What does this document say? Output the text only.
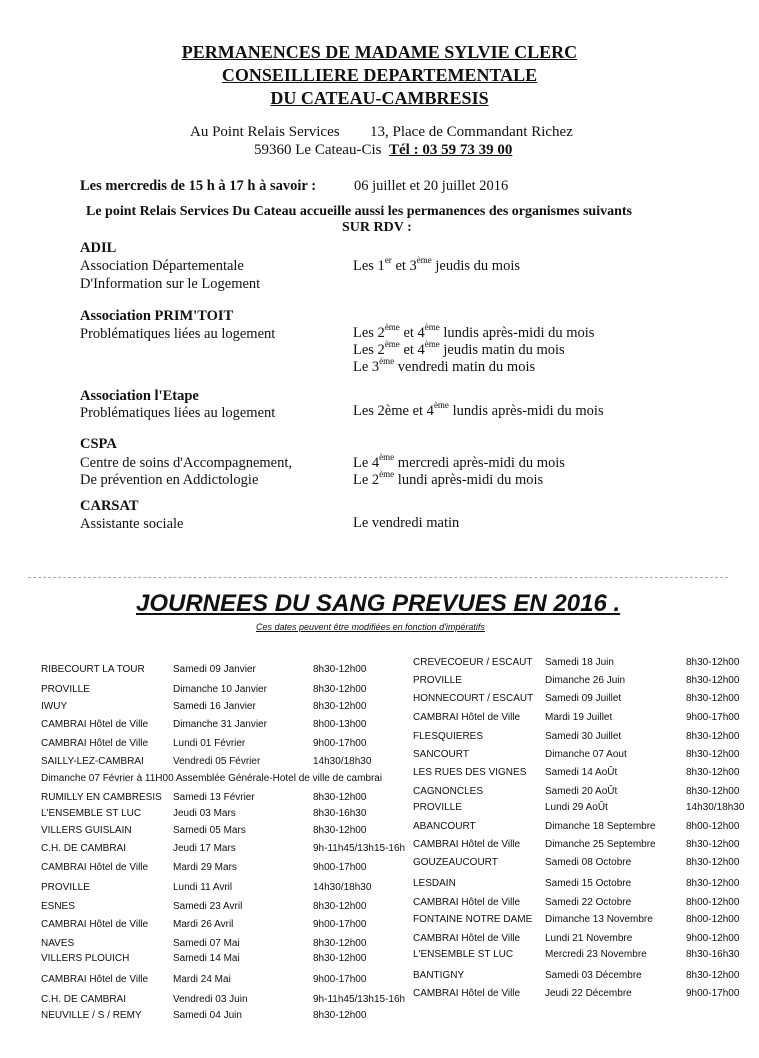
PERMANENCES DE MADAME SYLVIE CLERC
CONSEILLIERE DEPARTEMENTALE
DU CATEAU-CAMBRESIS
Au Point Relais Services 13, Place de Commandant Richez
59360 Le Cateau-Cis Tél : 03 59 73 39 00
Les mercredis de 15 h à 17 h à savoir :	06 juillet et 20 juillet 2016
Le point Relais Services Du Cateau accueille aussi les permanences des organismes suivants
SUR RDV :
ADIL
Association Départementale
D'Information sur le Logement
Les 1er et 3ème jeudis du mois
Association PRIM'TOIT
Problématiques liées au logement	Les 2ème et 4ème lundis après-midi du mois
Les 2ème et 4ème jeudis matin du mois
Le 3ème vendredi matin du mois
Association l'Etape
Problématiques liées au logement	Les 2ème et 4ème lundis après-midi du mois
CSPA
Centre de soins d'Accompagnement,
De prévention en Addictologie
Le 4ème mercredi après-midi du mois
Le 2ème lundi après-midi du mois
CARSAT
Assistante sociale	Le vendredi matin
JOURNEES DU SANG PREVUES EN 2016 .
Ces dates peuvent être modifiées en fonction d'impératifs
RIBECOURT LA TOUR	Samedi 09 Janvier	8h30-12h00
PROVILLE	Dimanche 10 Janvier	8h30-12h00
IWUY	Samedi 16 Janvier	8h30-12h00
CAMBRAI Hôtel de Ville Dimanche 31 Janvier	8h00-13h00
CAMBRAI Hôtel de Ville Lundi 01 Février	9h00-17h00
SAILLY-LEZ-CAMBRAI	Vendredi 05 Février	14h30/18h30
Dimanche 07 Février à 11H00 Assemblée Générale-Hotel de ville de cambrai
RUMILLY EN CAMBRESIS Samedi 13 Février	8h30-12h00
L'ENSEMBLE ST LUC	Jeudi 03 Mars	8h30-16h30
VILLERS GUISLAIN	Samedi 05 Mars	8h30-12h00
C.H. DE CAMBRAI	Jeudi 17 Mars	9h-11h45/13h15-16h
CAMBRAI Hôtel de Ville Mardi 29 Mars	9h00-17h00
PROVILLE	Lundi 11 Avril	14h30/18h30
ESNES	Samedi 23 Avril	8h30-12h00
CAMBRAI Hôtel de Ville Mardi 26 Avril	9h00-17h00
NAVES	Samedi 07 Mai	8h30-12h00
VILLERS PLOUICH	Samedi 14 Mai	8h30-12h00
CAMBRAI Hôtel de Ville Mardi 24 Mai	9h00-17h00
C.H. DE CAMBRAI	Vendredi 03 Juin	9h-11h45/13h15-16h
NEUVILLE / S / REMY	Samedi 04 Juin	8h30-12h00
CREVECOEUR / ESCAUT Samedi 18 Juin	8h30-12h00
PROVILLE	Dimanche 26 Juin	8h30-12h00
HONNECOURT / ESCAUT Samedi 09 Juillet	8h30-12h00
CAMBRAI Hôtel de Ville Mardi 19 Juillet	9h00-17h00
FLESQUIERES	Samedi 30 Juillet	8h30-12h00
SANCOURT	Dimanche 07 Aout	8h30-12h00
LES RUES DES VIGNES Samedi 14 AoÛt	8h30-12h00
CAGNONCLES	Samedi 20 AoÛt	8h30-12h00
PROVILLE	Lundi 29 AoÛt	14h30/18h30
ABANCOURT	Dimanche 18 Septembre	8h00-12h00
CAMBRAI Hôtel de Ville Dimanche 25 Septembre	8h30-12h00
GOUZEAUCOURT	Samedi 08 Octobre	8h30-12h00
LESDAIN	Samedi 15 Octobre	8h30-12h00
CAMBRAI Hôtel de Ville Samedi 22 Octobre	8h00-12h00
FONTAINE NOTRE DAME Dimanche 13 Novembre	8h00-12h00
CAMBRAI Hôtel de Ville Lundi 21 Novembre	9h00-12h00
L'ENSEMBLE ST LUC	Mercredi 23 Novembre	8h30-16h30
BANTIGNY	Samedi 03 Décembre	8h30-12h00
CAMBRAI Hôtel de Ville Jeudi 22 Décembre	9h00-17h00
